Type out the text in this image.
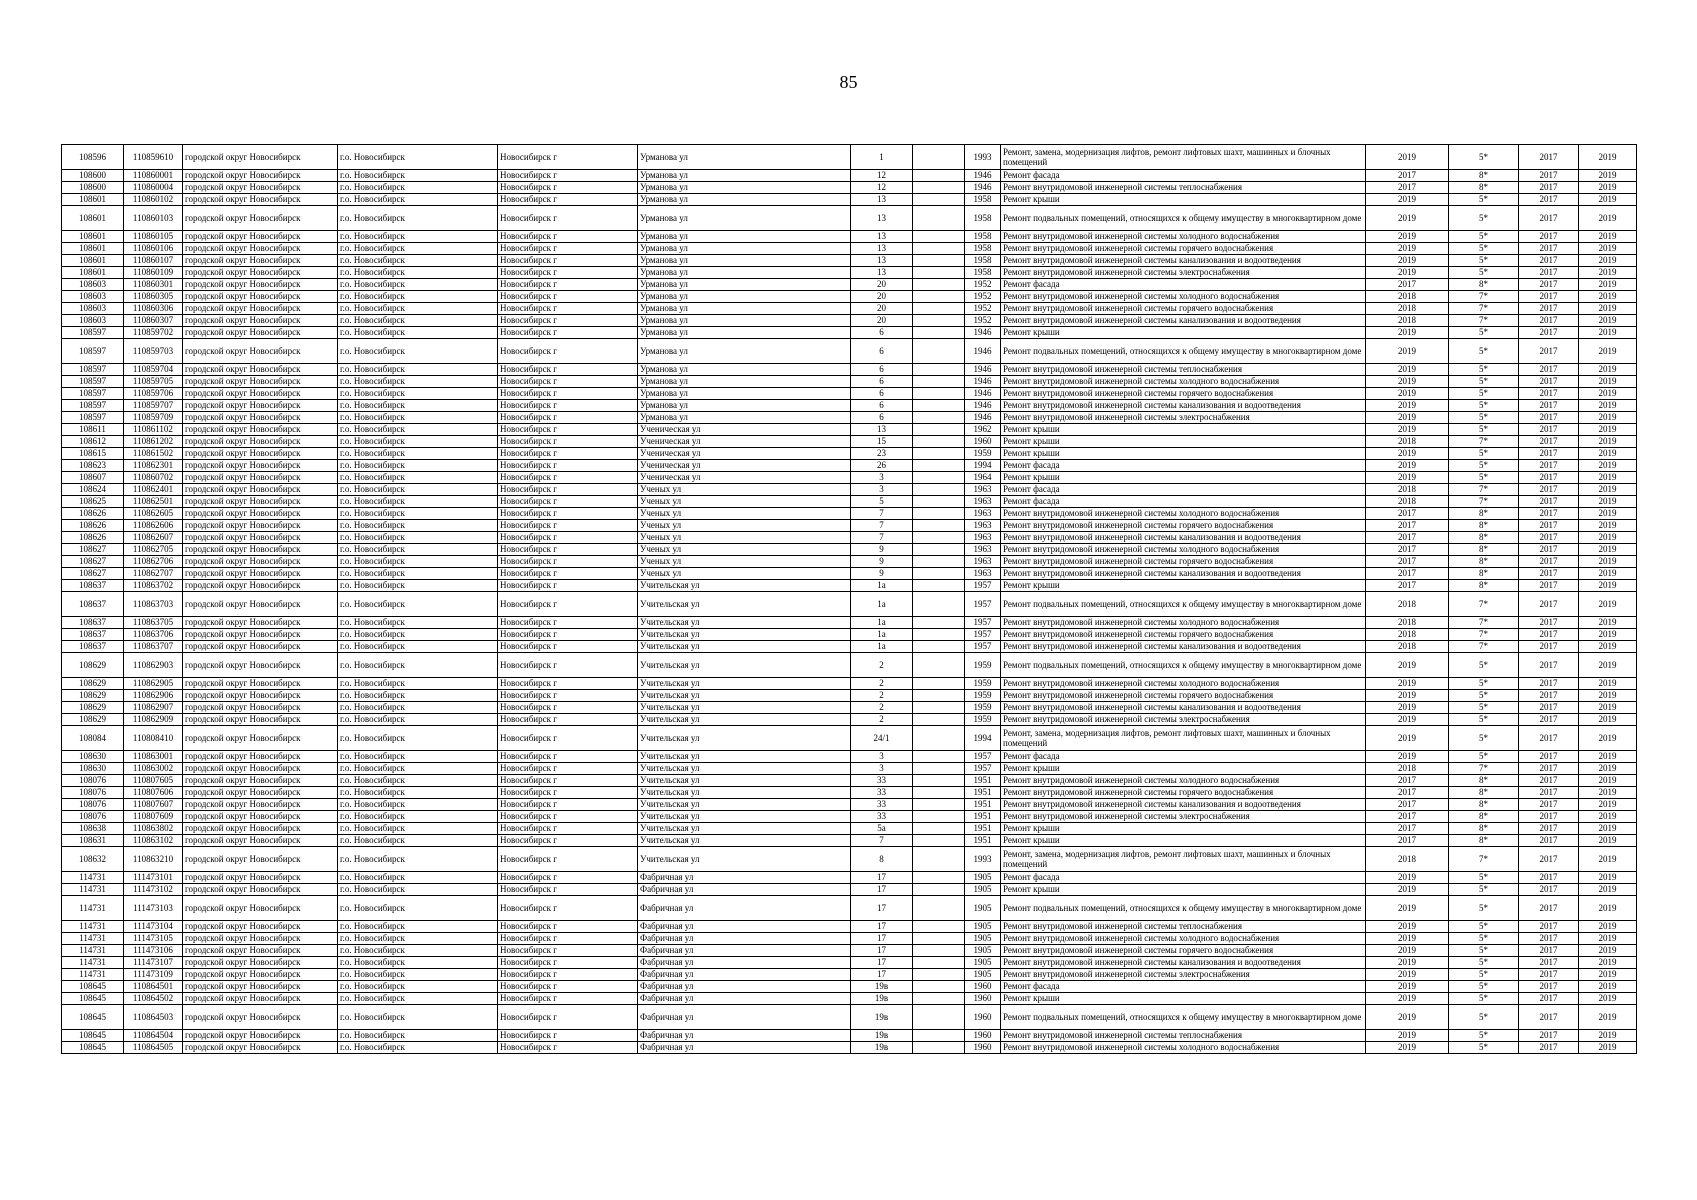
85
108596	110859610	городской округ Новосибирск	г.о. Новосибирск	Новосибирск г	Урманова ул	1		1993	Ремонт, замена, модернизация лифтов, ремонт лифтовых шахт, машинных и блочных помещений	2019	5*	2017	2019
108600	110860001	городской округ Новосибирск	г.о. Новосибирск	Новосибирск г	Урманова ул	12		1946	Ремонт фасада	2017	8*	2017	2019
108600	110860004	городской округ Новосибирск	г.о. Новосибирск	Новосибирск г	Урманова ул	12		1946	Ремонт внутридомовой инженерной системы теплоснабжения	2017	8*	2017	2019
108601	110860102	городской округ Новосибирск	г.о. Новосибирск	Новосибирск г	Урманова ул	13		1958	Ремонт крыши	2019	5*	2017	2019
108601	110860103	городской округ Новосибирск	г.о. Новосибирск	Новосибирск г	Урманова ул	13		1958	Ремонт подвальных помещений, относящихся к общему имуществу в многоквартирном доме	2019	5*	2017	2019
108601	110860105	городской округ Новосибирск	г.о. Новосибирск	Новосибирск г	Урманова ул	13		1958	Ремонт внутридомовой инженерной системы холодного водоснабжения	2019	5*	2017	2019
108601	110860106	городской округ Новосибирск	г.о. Новосибирск	Новосибирск г	Урманова ул	13		1958	Ремонт внутридомовой инженерной системы горячего водоснабжения	2019	5*	2017	2019
108601	110860107	городской округ Новосибирск	г.о. Новосибирск	Новосибирск г	Урманова ул	13		1958	Ремонт внутридомовой инженерной системы канализования и водоотведения	2019	5*	2017	2019
108601	110860109	городской округ Новосибирск	г.о. Новосибирск	Новосибирск г	Урманова ул	13		1958	Ремонт внутридомовой инженерной системы электроснабжения	2019	5*	2017	2019
108603	110860301	городской округ Новосибирск	г.о. Новосибирск	Новосибирск г	Урманова ул	20		1952	Ремонт фасада	2017	8*	2017	2019
108603	110860305	городской округ Новосибирск	г.о. Новосибирск	Новосибирск г	Урманова ул	20		1952	Ремонт внутридомовой инженерной системы холодного водоснабжения	2018	7*	2017	2019
108603	110860306	городской округ Новосибирск	г.о. Новосибирск	Новосибирск г	Урманова ул	20		1952	Ремонт внутридомовой инженерной системы горячего водоснабжения	2018	7*	2017	2019
108603	110860307	городской округ Новосибирск	г.о. Новосибирск	Новосибирск г	Урманова ул	20		1952	Ремонт внутридомовой инженерной системы канализования и водоотведения	2018	7*	2017	2019
108597	110859702	городской округ Новосибирск	г.о. Новосибирск	Новосибирск г	Урманова ул	6		1946	Ремонт крыши	2019	5*	2017	2019
108597	110859703	городской округ Новосибирск	г.о. Новосибирск	Новосибирск г	Урманова ул	6		1946	Ремонт подвальных помещений, относящихся к общему имуществу в многоквартирном доме	2019	5*	2017	2019
108597	110859704	городской округ Новосибирск	г.о. Новосибирск	Новосибирск г	Урманова ул	6		1946	Ремонт внутридомовой инженерной системы теплоснабжения	2019	5*	2017	2019
108597	110859705	городской округ Новосибирск	г.о. Новосибирск	Новосибирск г	Урманова ул	6		1946	Ремонт внутридомовой инженерной системы холодного водоснабжения	2019	5*	2017	2019
108597	110859706	городской округ Новосибирск	г.о. Новосибирск	Новосибирск г	Урманова ул	6		1946	Ремонт внутридомовой инженерной системы горячего водоснабжения	2019	5*	2017	2019
108597	110859707	городской округ Новосибирск	г.о. Новосибирск	Новосибирск г	Урманова ул	6		1946	Ремонт внутридомовой инженерной системы канализования и водоотведения	2019	5*	2017	2019
108597	110859709	городской округ Новосибирск	г.о. Новосибирск	Новосибирск г	Урманова ул	6		1946	Ремонт внутридомовой инженерной системы электроснабжения	2019	5*	2017	2019
108611	110861102	городской округ Новосибирск	г.о. Новосибирск	Новосибирск г	Ученическая ул	13		1962	Ремонт крыши	2019	5*	2017	2019
108612	110861202	городской округ Новосибирск	г.о. Новосибирск	Новосибирск г	Ученическая ул	15		1960	Ремонт крыши	2018	7*	2017	2019
108615	110861502	городской округ Новосибирск	г.о. Новосибирск	Новосибирск г	Ученическая ул	23		1959	Ремонт крыши	2019	5*	2017	2019
108623	110862301	городской округ Новосибирск	г.о. Новосибирск	Новосибирск г	Ученическая ул	26		1994	Ремонт фасада	2019	5*	2017	2019
108607	110860702	городской округ Новосибирск	г.о. Новосибирск	Новосибирск г	Ученическая ул	3		1964	Ремонт крыши	2019	5*	2017	2019
108624	110862401	городской округ Новосибирск	г.о. Новосибирск	Новосибирск г	Ученых ул	3		1963	Ремонт фасада	2018	7*	2017	2019
108625	110862501	городской округ Новосибирск	г.о. Новосибирск	Новосибирск г	Ученых ул	5		1963	Ремонт фасада	2018	7*	2017	2019
108626	110862605	городской округ Новосибирск	г.о. Новосибирск	Новосибирск г	Ученых ул	7		1963	Ремонт внутридомовой инженерной системы холодного водоснабжения	2017	8*	2017	2019
108626	110862606	городской округ Новосибирск	г.о. Новосибирск	Новосибирск г	Ученых ул	7		1963	Ремонт внутридомовой инженерной системы горячего водоснабжения	2017	8*	2017	2019
108626	110862607	городской округ Новосибирск	г.о. Новосибирск	Новосибирск г	Ученых ул	7		1963	Ремонт внутридомовой инженерной системы канализования и водоотведения	2017	8*	2017	2019
108627	110862705	городской округ Новосибирск	г.о. Новосибирск	Новосибирск г	Ученых ул	9		1963	Ремонт внутридомовой инженерной системы холодного водоснабжения	2017	8*	2017	2019
108627	110862706	городской округ Новосибирск	г.о. Новосибирск	Новосибирск г	Ученых ул	9		1963	Ремонт внутридомовой инженерной системы горячего водоснабжения	2017	8*	2017	2019
108627	110862707	городской округ Новосибирск	г.о. Новосибирск	Новосибирск г	Ученых ул	9		1963	Ремонт внутридомовой инженерной системы канализования и водоотведения	2017	8*	2017	2019
108637	110863702	городской округ Новосибирск	г.о. Новосибирск	Новосибирск г	Учительская ул	1а		1957	Ремонт крыши	2017	8*	2017	2019
108637	110863703	городской округ Новосибирск	г.о. Новосибирск	Новосибирск г	Учительская ул	1а		1957	Ремонт подвальных помещений, относящихся к общему имуществу в многоквартирном доме	2018	7*	2017	2019
108637	110863705	городской округ Новосибирск	г.о. Новосибирск	Новосибирск г	Учительская ул	1а		1957	Ремонт внутридомовой инженерной системы холодного водоснабжения	2018	7*	2017	2019
108637	110863706	городской округ Новосибирск	г.о. Новосибирск	Новосибирск г	Учительская ул	1а		1957	Ремонт внутридомовой инженерной системы горячего водоснабжения	2018	7*	2017	2019
108637	110863707	городской округ Новосибирск	г.о. Новосибирск	Новосибирск г	Учительская ул	1а		1957	Ремонт внутридомовой инженерной системы канализования и водоотведения	2018	7*	2017	2019
108629	110862903	городской округ Новосибирск	г.о. Новосибирск	Новосибирск г	Учительская ул	2		1959	Ремонт подвальных помещений, относящихся к общему имуществу в многоквартирном доме	2019	5*	2017	2019
108629	110862905	городской округ Новосибирск	г.о. Новосибирск	Новосибирск г	Учительская ул	2		1959	Ремонт внутридомовой инженерной системы холодного водоснабжения	2019	5*	2017	2019
108629	110862906	городской округ Новосибирск	г.о. Новосибирск	Новосибирск г	Учительская ул	2		1959	Ремонт внутридомовой инженерной системы горячего водоснабжения	2019	5*	2017	2019
108629	110862907	городской округ Новосибирск	г.о. Новосибирск	Новосибирск г	Учительская ул	2		1959	Ремонт внутридомовой инженерной системы канализования и водоотведения	2019	5*	2017	2019
108629	110862909	городской округ Новосибирск	г.о. Новосибирск	Новосибирск г	Учительская ул	2		1959	Ремонт внутридомовой инженерной системы электроснабжения	2019	5*	2017	2019
108084	110808410	городской округ Новосибирск	г.о. Новосибирск	Новосибирск г	Учительская ул	24/1		1994	Ремонт, замена, модернизация лифтов, ремонт лифтовых шахт, машинных и блочных помещений	2019	5*	2017	2019
108630	110863001	городской округ Новосибирск	г.о. Новосибирск	Новосибирск г	Учительская ул	3		1957	Ремонт фасада	2019	5*	2017	2019
108630	110863002	городской округ Новосибирск	г.о. Новосибирск	Новосибирск г	Учительская ул	3		1957	Ремонт крыши	2018	7*	2017	2019
108076	110807605	городской округ Новосибирск	г.о. Новосибирск	Новосибирск г	Учительская ул	33		1951	Ремонт внутридомовой инженерной системы холодного водоснабжения	2017	8*	2017	2019
108076	110807606	городской округ Новосибирск	г.о. Новосибирск	Новосибирск г	Учительская ул	33		1951	Ремонт внутридомовой инженерной системы горячего водоснабжения	2017	8*	2017	2019
108076	110807607	городской округ Новосибирск	г.о. Новосибирск	Новосибирск г	Учительская ул	33		1951	Ремонт внутридомовой инженерной системы канализования и водоотведения	2017	8*	2017	2019
108076	110807609	городской округ Новосибирск	г.о. Новосибирск	Новосибирск г	Учительская ул	33		1951	Ремонт внутридомовой инженерной системы электроснабжения	2017	8*	2017	2019
108638	110863802	городской округ Новосибирск	г.о. Новосибирск	Новосибирск г	Учительская ул	5а		1951	Ремонт крыши	2017	8*	2017	2019
108631	110863102	городской округ Новосибирск	г.о. Новосибирск	Новосибирск г	Учительская ул	7		1951	Ремонт крыши	2017	8*	2017	2019
108632	110863210	городской округ Новосибирск	г.о. Новосибирск	Новосибирск г	Учительская ул	8		1993	Ремонт, замена, модернизация лифтов, ремонт лифтовых шахт, машинных и блочных помещений	2018	7*	2017	2019
114731	111473101	городской округ Новосибирск	г.о. Новосибирск	Новосибирск г	Фабричная ул	17		1905	Ремонт фасада	2019	5*	2017	2019
114731	111473102	городской округ Новосибирск	г.о. Новосибирск	Новосибирск г	Фабричная ул	17		1905	Ремонт крыши	2019	5*	2017	2019
114731	111473103	городской округ Новосибирск	г.о. Новосибирск	Новосибирск г	Фабричная ул	17		1905	Ремонт подвальных помещений, относящихся к общему имуществу в многоквартирном доме	2019	5*	2017	2019
114731	111473104	городской округ Новосибирск	г.о. Новосибирск	Новосибирск г	Фабричная ул	17		1905	Ремонт внутридомовой инженерной системы теплоснабжения	2019	5*	2017	2019
114731	111473105	городской округ Новосибирск	г.о. Новосибирск	Новосибирск г	Фабричная ул	17		1905	Ремонт внутридомовой инженерной системы холодного водоснабжения	2019	5*	2017	2019
114731	111473106	городской округ Новосибирск	г.о. Новосибирск	Новосибирск г	Фабричная ул	17		1905	Ремонт внутридомовой инженерной системы горячего водоснабжения	2019	5*	2017	2019
114731	111473107	городской округ Новосибирск	г.о. Новосибирск	Новосибирск г	Фабричная ул	17		1905	Ремонт внутридомовой инженерной системы канализования и водоотведения	2019	5*	2017	2019
114731	111473109	городской округ Новосибирск	г.о. Новосибирск	Новосибирск г	Фабричная ул	17		1905	Ремонт внутридомовой инженерной системы электроснабжения	2019	5*	2017	2019
108645	110864501	городской округ Новосибирск	г.о. Новосибирск	Новосибирск г	Фабричная ул	19в		1960	Ремонт фасада	2019	5*	2017	2019
108645	110864502	городской округ Новосибирск	г.о. Новосибирск	Новосибирск г	Фабричная ул	19в		1960	Ремонт крыши	2019	5*	2017	2019
108645	110864503	городской округ Новосибирск	г.о. Новосибирск	Новосибирск г	Фабричная ул	19в		1960	Ремонт подвальных помещений, относящихся к общему имуществу в многоквартирном доме	2019	5*	2017	2019
108645	110864504	городской округ Новосибирск	г.о. Новосибирск	Новосибирск г	Фабричная ул	19в		1960	Ремонт внутридомовой инженерной системы теплоснабжения	2019	5*	2017	2019
108645	110864505	городской округ Новосибирск	г.о. Новосибирск	Новосибирск г	Фабричная ул	19в		1960	Ремонт внутридомовой инженерной системы холодного водоснабжения	2019	5*	2017	2019
